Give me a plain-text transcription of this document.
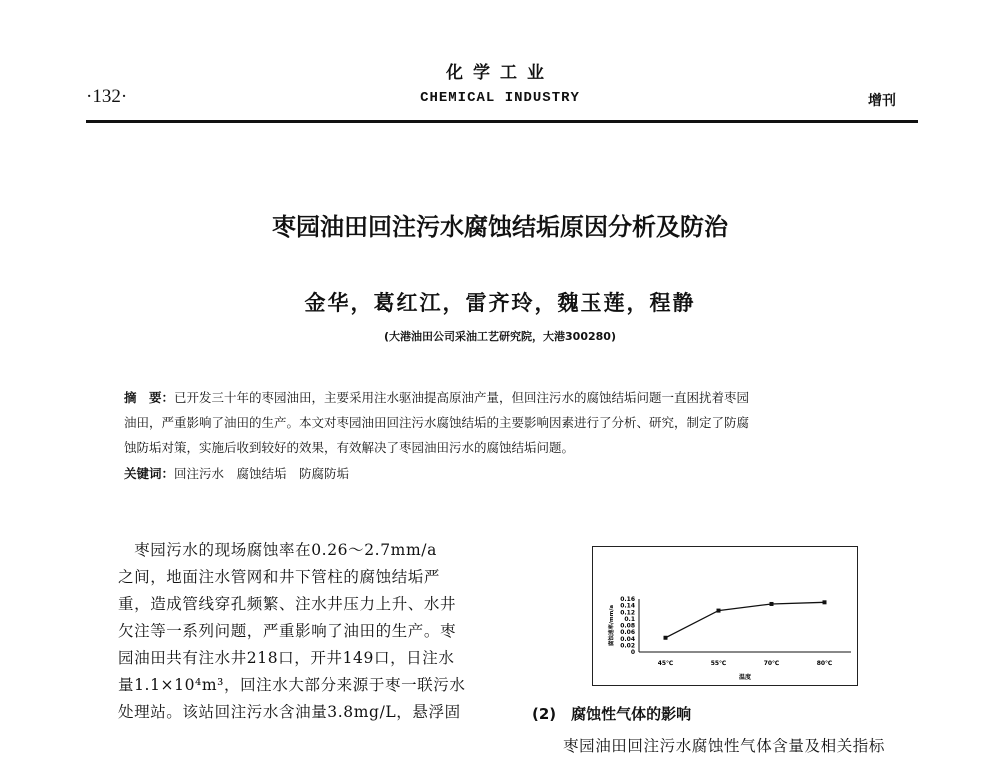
化学工业
CHEMICAL INDUSTRY
·132·	增刊
枣园油田回注污水腐蚀结垢原因分析及防治
金华，葛红江，雷齐玲，魏玉莲，程静
(大港油田公司采油工艺研究院，大港300280)
摘　要：已开发三十年的枣园油田，主要采用注水驱油提高原油产量，但回注污水的腐蚀结垢问题一直困扰着枣园
油田，严重影响了油田的生产。本文对枣园油田回注污水腐蚀结垢的主要影响因素进行了分析、研究，制定了防腐
蚀防垢对策，实施后收到较好的效果，有效解决了枣园油田污水的腐蚀结垢问题。
关键词：回注污水　腐蚀结垢　防腐防垢
　枣园污水的现场腐蚀率在0.26～2.7mm/a
之间，地面注水管网和井下管柱的腐蚀结垢严
重，造成管线穿孔频繁、注水井压力上升、水井
欠注等一系列问题，严重影响了油田的生产。枣
园油田共有注水井218口，开井149口，日注水
量1.1×10⁴m³，回注水大部分来源于枣一联污水
处理站。该站回注污水含油量3.8mg/L，悬浮固
0
0.02
0.04
0.06
0.08
0.1
0.12
0.14
0.16
45℃	55℃	70℃	80℃
温度
腐蚀速率/mm/a
(2)　腐蚀性气体的影响
枣园油田回注污水腐蚀性气体含量及相关指标
